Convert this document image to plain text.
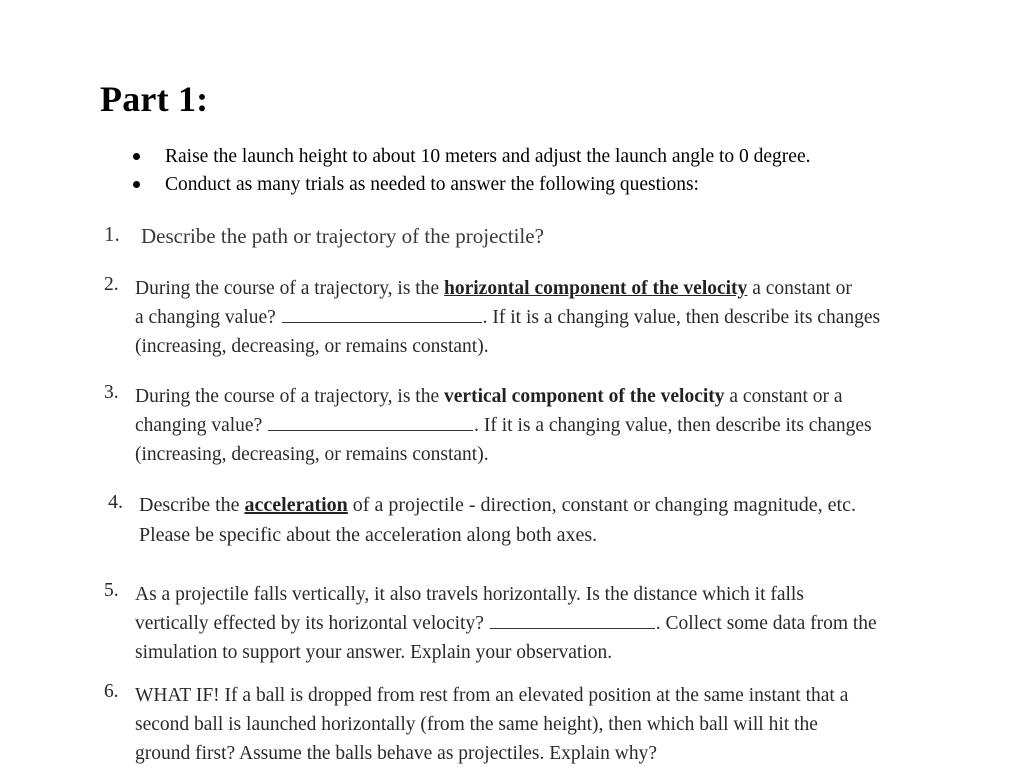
Part 1:
Raise the launch height to about 10 meters and adjust the launch angle to 0 degree.
Conduct as many trials as needed to answer the following questions:
1. Describe the path or trajectory of the projectile?
2. During the course of a trajectory, is the horizontal component of the velocity a constant or
a changing value?	. If it is a changing value, then describe its changes
(increasing, decreasing, or remains constant).
3. During the course of a trajectory, is the vertical component of the velocity a constant or a
changing value?	. If it is a changing value, then describe its changes
(increasing, decreasing, or remains constant).
4. Describe the acceleration of a projectile - direction, constant or changing magnitude, etc.
Please be specific about the acceleration along both axes.
5. As a projectile falls vertically, it also travels horizontally. Is the distance which it falls
vertically effected by its horizontal velocity?	. Collect some data from the
simulation to support your answer. Explain your observation.
6. WHAT IF! If a ball is dropped from rest from an elevated position at the same instant that a
second ball is launched horizontally (from the same height), then which ball will hit the
ground first? Assume the balls behave as projectiles. Explain why?
